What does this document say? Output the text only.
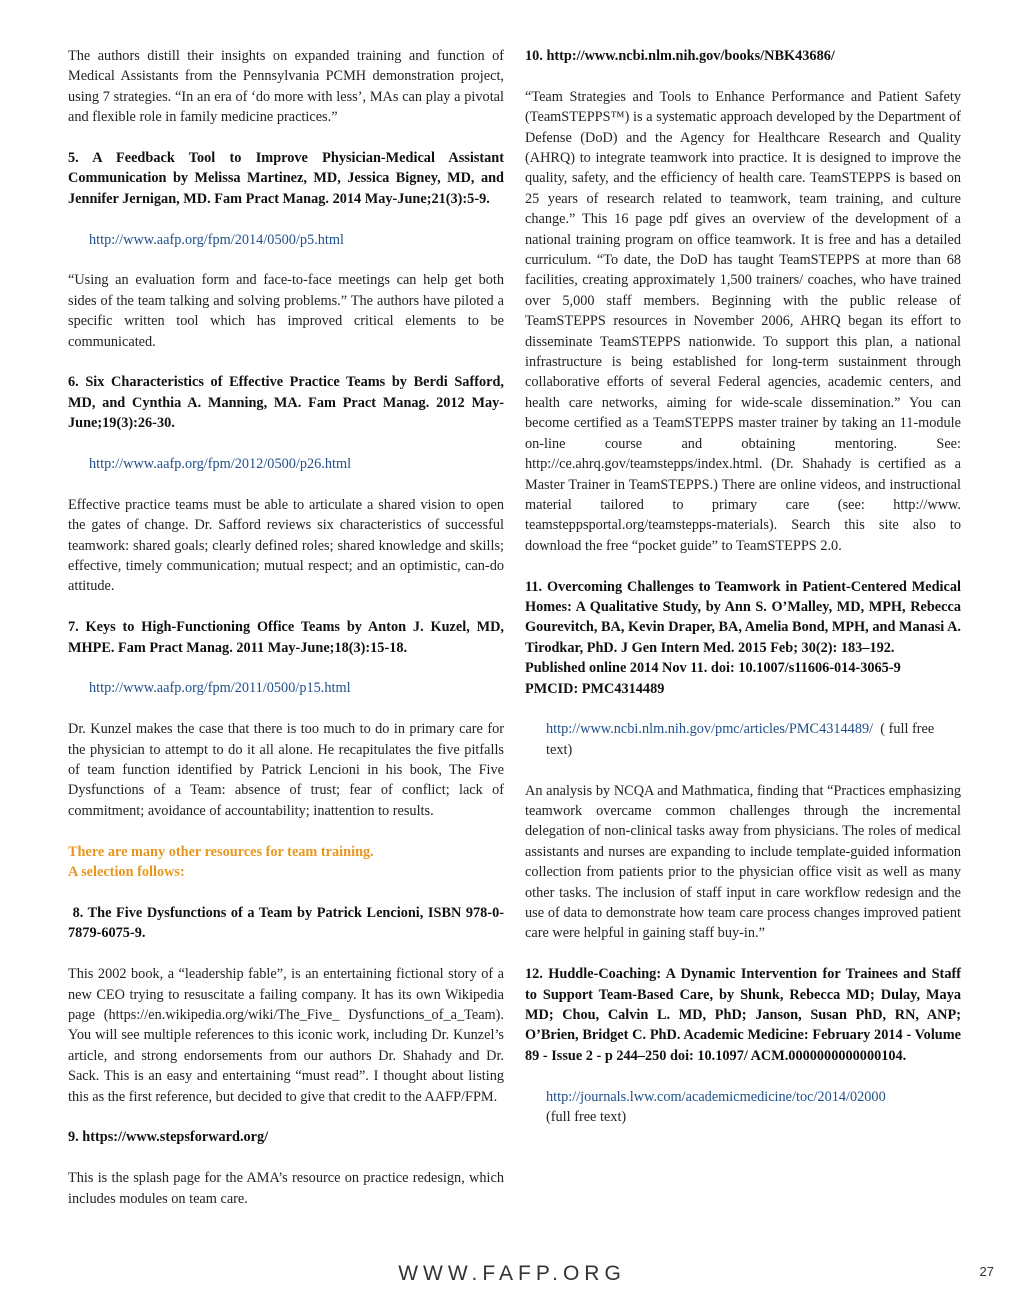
The authors distill their insights on expanded training and function of Medical Assistants from the Pennsylvania PCMH demonstration project, using 7 strategies. “In an era of ‘do more with less’, MAs can play a pivotal and flexible role in family medicine practices.”

5. A Feedback Tool to Improve Physician-Medical Assistant Communication by Melissa Martinez, MD, Jessica Bigney, MD, and Jennifer Jernigan, MD. Fam Pract Manag. 2014 May-June;21(3):5-9.

http://www.aafp.org/fpm/2014/0500/p5.html

“Using an evaluation form and face-to-face meetings can help get both sides of the team talking and solving problems.” The authors have piloted a specific written tool which has improved critical elements to be communicated.

6. Six Characteristics of Effective Practice Teams by Berdi Safford, MD, and Cynthia A. Manning, MA. Fam Pract Manag. 2012 May-June;19(3):26-30.

http://www.aafp.org/fpm/2012/0500/p26.html

Effective practice teams must be able to articulate a shared vision to open the gates of change. Dr. Safford reviews six characteristics of successful teamwork: shared goals; clearly defined roles; shared knowledge and skills; effective, timely communication; mutual respect; and an optimistic, can-do attitude.

7. Keys to High-Functioning Office Teams by Anton J. Kuzel, MD, MHPE. Fam Pract Manag. 2011 May-June;18(3):15-18.

http://www.aafp.org/fpm/2011/0500/p15.html

Dr. Kunzel makes the case that there is too much to do in primary care for the physician to attempt to do it all alone. He recapitulates the five pitfalls of team function identified by Patrick Lencioni in his book, The Five Dysfunctions of a Team: absence of trust; fear of conflict; lack of commitment; avoidance of accountability; inattention to results.

There are many other resources for team training.

A selection follows:

8. The Five Dysfunctions of a Team by Patrick Lencioni, ISBN 978-0-7879-6075-9.

This 2002 book, a “leadership fable”, is an entertaining fictional story of a new CEO trying to resuscitate a failing company. It has its own Wikipedia page (https://en.wikipedia.org/wiki/The_Five_ Dysfunctions_of_a_Team). You will see multiple references to this iconic work, including Dr. Kunzel’s article, and strong endorsements from our authors Dr. Shahady and Dr. Sack. This is an easy and entertaining “must read”. I thought about listing this as the first reference, but decided to give that credit to the AAFP/FPM.

9. https://www.stepsforward.org/

This is the splash page for the AMA’s resource on practice redesign, which includes modules on team care.

10. http://www.ncbi.nlm.nih.gov/books/NBK43686/

“Team Strategies and Tools to Enhance Performance and Patient Safety (TeamSTEPPS™) is a systematic approach developed by the Department of Defense (DoD) and the Agency for Healthcare Research and Quality (AHRQ) to integrate teamwork into practice. It is designed to improve the quality, safety, and the efficiency of health care. TeamSTEPPS is based on 25 years of research related to teamwork, team training, and culture change.” This 16 page pdf gives an overview of the development of a national training program on office teamwork. It is free and has a detailed curriculum. “To date, the DoD has taught TeamSTEPPS at more than 68 facilities, creating approximately 1,500 trainers/ coaches, who have trained over 5,000 staff members. Beginning with the public release of TeamSTEPPS resources in November 2006, AHRQ began its effort to disseminate TeamSTEPPS nationwide. To support this plan, a national infrastructure is being established for long-term sustainment through collaborative efforts of several Federal agencies, academic centers, and health care networks, aiming for wide-scale dissemination.” You can become certified as a TeamSTEPPS master trainer by taking an 11-module on-line course and obtaining mentoring. See: http://ce.ahrq.gov/teamstepps/index.html. (Dr. Shahady is certified as a Master Trainer in TeamSTEPPS.) There are online videos, and instructional material tailored to primary care (see: http://www. teamsteppsportal.org/teamstepps-materials). Search this site also to download the free “pocket guide” to TeamSTEPPS 2.0.

11. Overcoming Challenges to Teamwork in Patient-Centered Medical Homes: A Qualitative Study, by Ann S. O’Malley, MD, MPH, Rebecca Gourevitch, BA, Kevin Draper, BA, Amelia Bond, MPH, and Manasi A. Tirodkar, PhD. J Gen Intern Med. 2015 Feb; 30(2): 183–192.

Published online 2014 Nov 11. doi: 10.1007/s11606-014-3065-9

PMCID: PMC4314489

http://www.ncbi.nlm.nih.gov/pmc/articles/PMC4314489/  ( full free text)

An analysis by NCQA and Mathmatica, finding that “Practices emphasizing teamwork overcame common challenges through the incremental delegation of non-clinical tasks away from physicians. The roles of medical assistants and nurses are expanding to include template-guided information collection from patients prior to the physician office visit as well as many other tasks. The inclusion of staff input in care workflow redesign and the use of data to demonstrate how team care process changes improved patient care were helpful in gaining staff buy-in.”

12. Huddle-Coaching: A Dynamic Intervention for Trainees and Staff to Support Team-Based Care, by Shunk, Rebecca MD; Dulay, Maya MD; Chou, Calvin L. MD, PhD; Janson, Susan PhD, RN, ANP; O’Brien, Bridget C. PhD. Academic Medicine: February 2014 - Volume 89 - Issue 2 - p 244–250 doi: 10.1097/ ACM.0000000000000104.

http://journals.lww.com/academicmedicine/toc/2014/02000

(full free text)

WWW.FAFP.ORG	27
